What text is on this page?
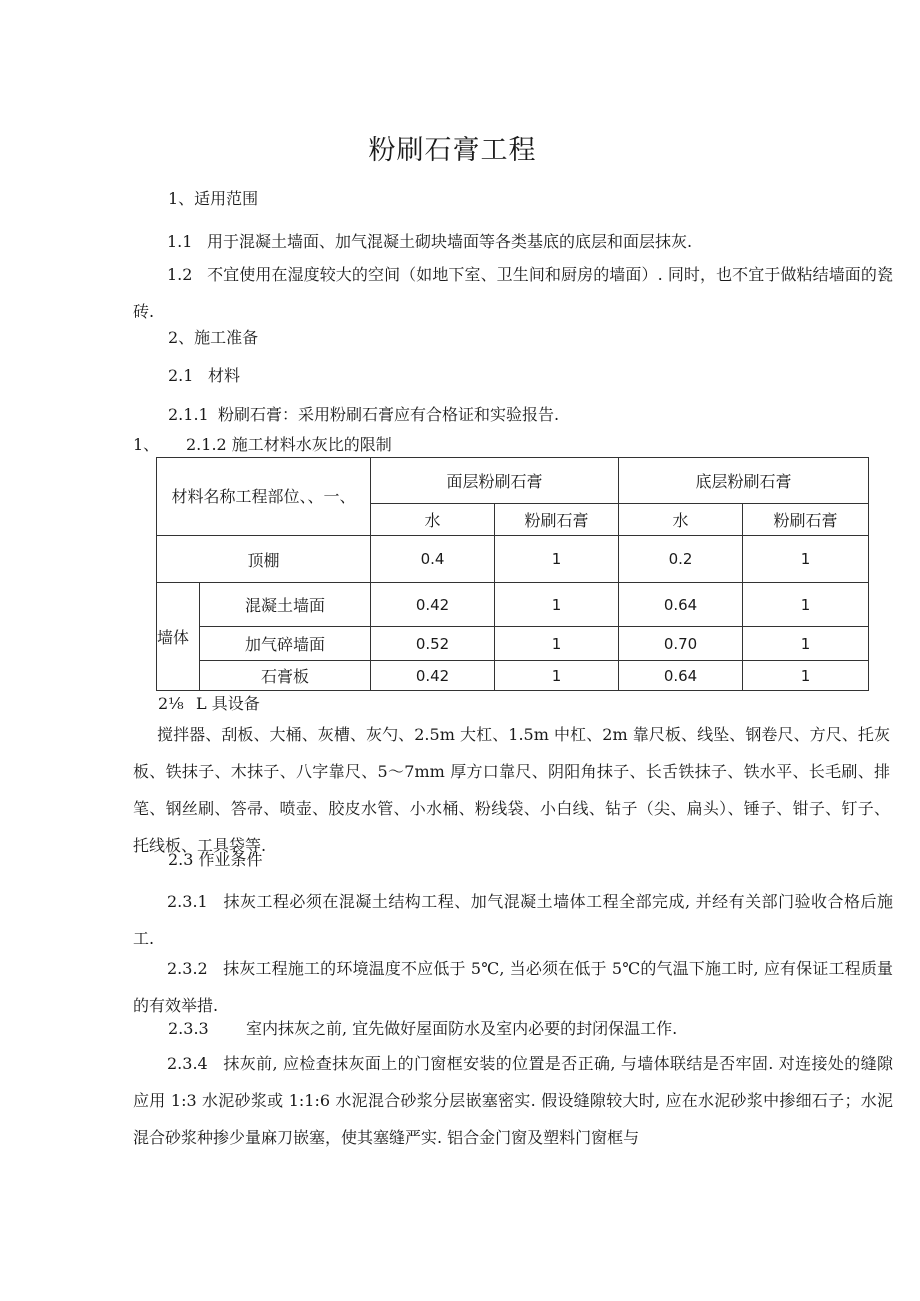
粉刷石膏工程

1、适用范围

1.1 用于混凝土墙面、加气混凝土砌块墙面等各类基底的底层和面层抹灰.

1.2 不宜使用在湿度较大的空间（如地下室、卫生间和厨房的墙面）. 同时，也不宜于做粘结墙面的瓷砖.

2、施工准备

2.1 材料

2.1.1 粉刷石膏：采用粉刷石膏应有合格证和实验报告.

1、 2.1.2 施工材料水灰比的限制

材料名称工程部位、、一、		面层粉刷石膏		底层粉刷石膏	
		水	粉刷石膏	水	粉刷石膏
顶棚		0.4	1	0.2	1
墙体	混凝土墙面	0.42	1	0.64	1
	加气碎墙面	0.52	1	0.70	1
	石膏板	0.42	1	0.64	1

2⅛ L 具设备

搅拌器、刮板、大桶、灰槽、灰勺、2.5m 大杠、1.5m 中杠、2m 靠尺板、线坠、钢卷尺、方尺、托灰板、铁抹子、木抹子、八字靠尺、5～7mm 厚方口靠尺、阴阳角抹子、长舌铁抹子、铁水平、长毛刷、排笔、钢丝刷、答帚、喷壶、胶皮水管、小水桶、粉线袋、小白线、钻子（尖、扁头）、锤子、钳子、钉子、托线板、工具袋等.

2.3 作业条件

2.3.1 抹灰工程必须在混凝土结构工程、加气混凝土墙体工程全部完成, 并经有关部门验收合格后施工.

2.3.2 抹灰工程施工的环境温度不应低于 5℃, 当必须在低于 5℃的气温下施工时, 应有保证工程质量的有效举措.

2.3.3 室内抹灰之前, 宜先做好屋面防水及室内必要的封闭保温工作.

2.3.4 抹灰前, 应检查抹灰面上的门窗框安装的位置是否正确, 与墙体联结是否牢固. 对连接处的缝隙应用 1:3 水泥砂浆或 1:1:6 水泥混合砂浆分层嵌塞密实. 假设缝隙较大时, 应在水泥砂浆中掺细石子；水泥混合砂浆种掺少量麻刀嵌塞，使其塞缝严实. 铝合金门窗及塑料门窗框与
